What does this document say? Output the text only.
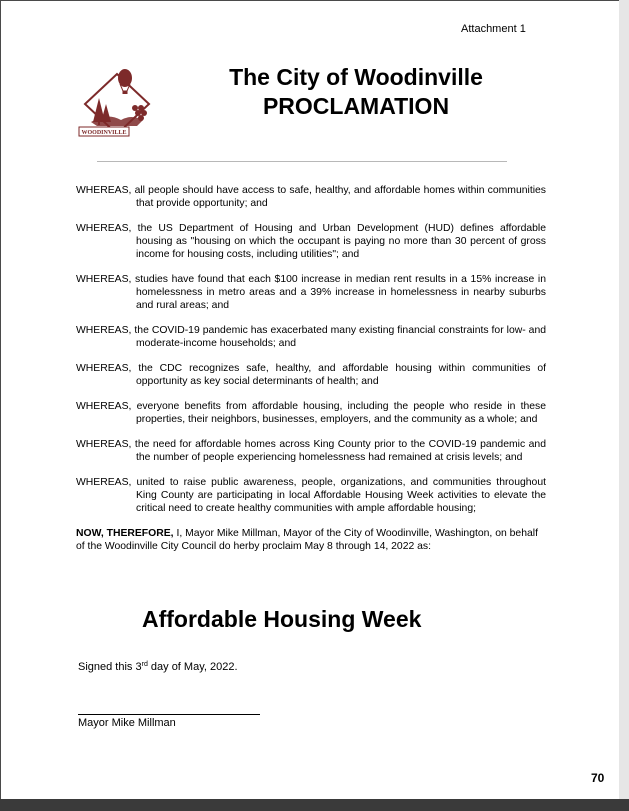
Attachment 1
WOODINVILLE
The City of Woodinville
PROCLAMATION

WHEREAS, all people should have access to safe, healthy, and affordable homes within communities that provide opportunity; and

WHEREAS, the US Department of Housing and Urban Development (HUD) defines affordable housing as "housing on which the occupant is paying no more than 30 percent of gross income for housing costs, including utilities"; and

WHEREAS, studies have found that each $100 increase in median rent results in a 15% increase in homelessness in metro areas and a 39% increase in homelessness in nearby suburbs and rural areas; and

WHEREAS, the COVID-19 pandemic has exacerbated many existing financial constraints for low- and moderate-income households; and

WHEREAS, the CDC recognizes safe, healthy, and affordable housing within communities of opportunity as key social determinants of health; and

WHEREAS, everyone benefits from affordable housing, including the people who reside in these properties, their neighbors, businesses, employers, and the community as a whole; and

WHEREAS, the need for affordable homes across King County prior to the COVID-19 pandemic and the number of people experiencing homelessness had remained at crisis levels; and

WHEREAS, united to raise public awareness, people, organizations, and communities throughout King County are participating in local Affordable Housing Week activities to elevate the critical need to create healthy communities with ample affordable housing;

NOW, THEREFORE, I, Mayor Mike Millman, Mayor of the City of Woodinville, Washington, on behalf of the Woodinville City Council do herby proclaim May 8 through 14, 2022 as:

Affordable Housing Week
Signed this 3rd day of May, 2022.
Mayor Mike Millman
70
